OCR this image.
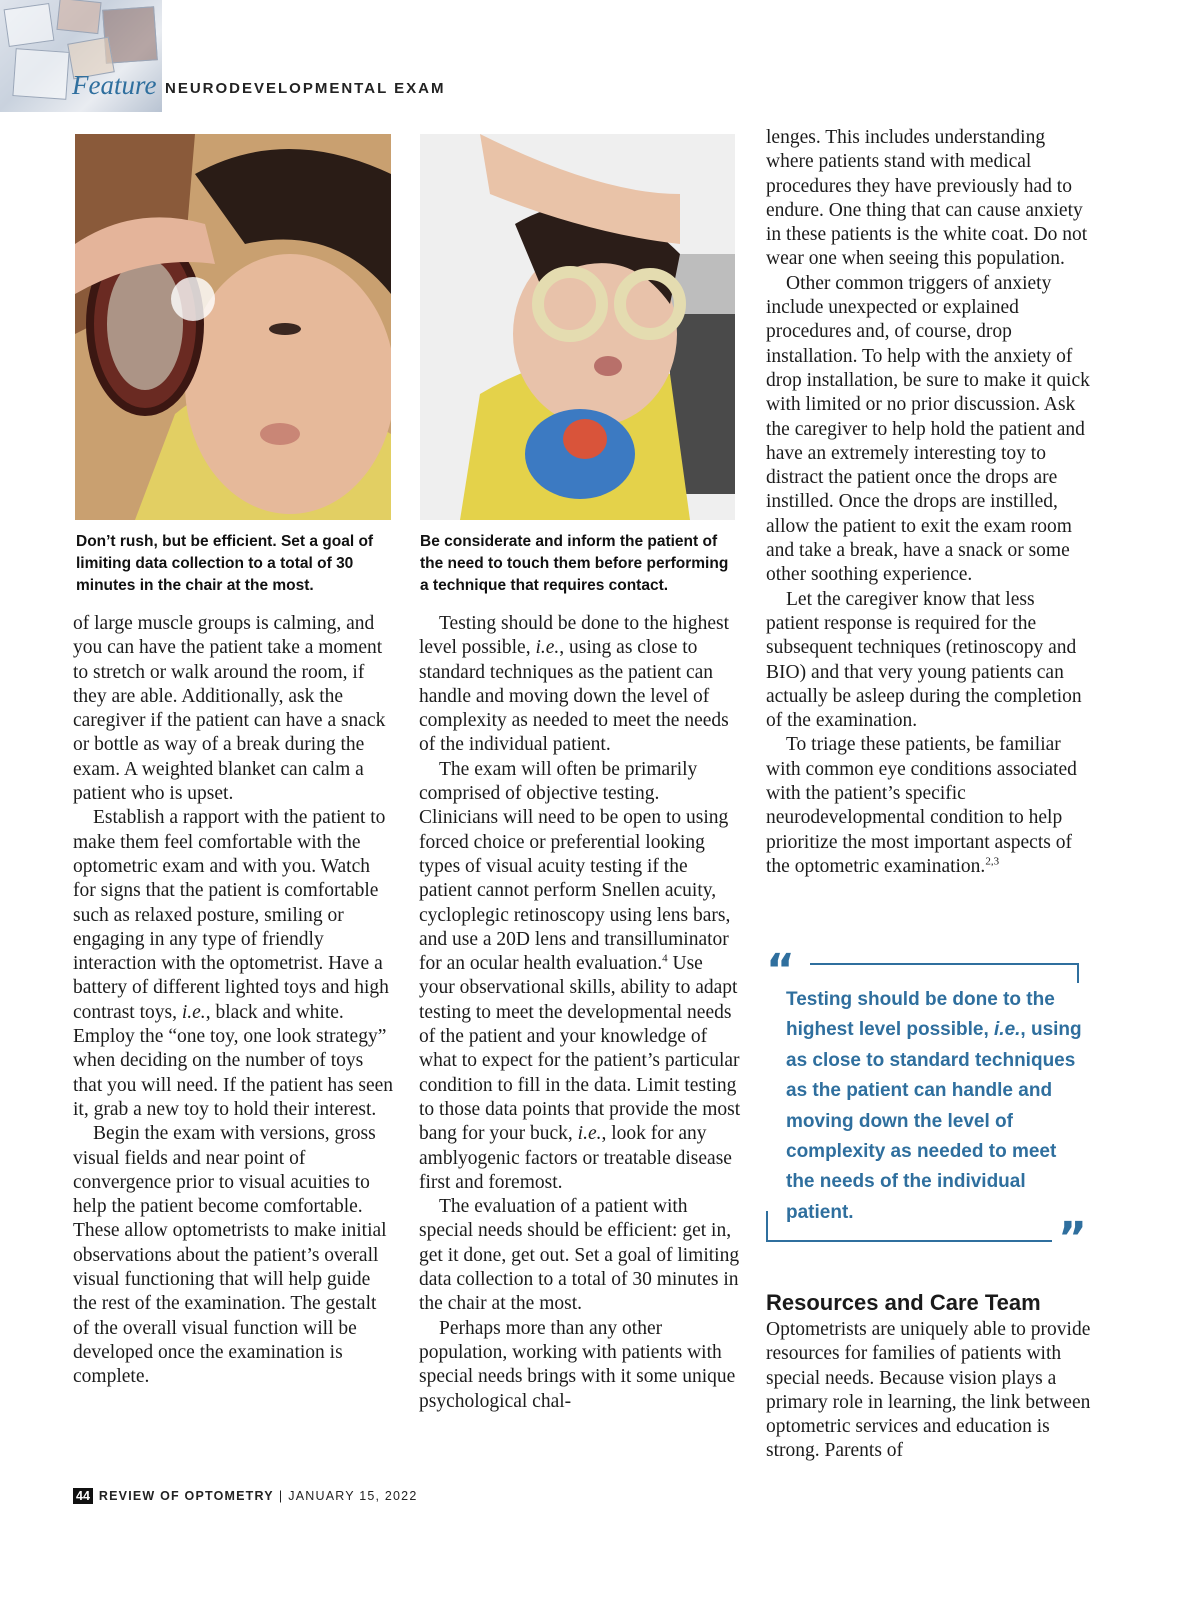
Feature NEURODEVELOPMENTAL EXAM
Don’t rush, but be efficient. Set a goal of limiting data collection to a total of 30 minutes in the chair at the most.
Be considerate and inform the patient of the need to touch them before performing a technique that requires contact.

of large muscle groups is calming, and you can have the patient take a moment to stretch or walk around the room, if they are able. Additionally, ask the caregiver if the patient can have a snack or bottle as way of a break during the exam. A weighted blanket can calm a patient who is upset.

Establish a rapport with the patient to make them feel comfortable with the optometric exam and with you. Watch for signs that the patient is comfortable such as relaxed posture, smiling or engaging in any type of friendly interaction with the optometrist. Have a battery of different lighted toys and high contrast toys, i.e., black and white. Employ the “one toy, one look strategy” when deciding on the number of toys that you will need. If the patient has seen it, grab a new toy to hold their interest.

Begin the exam with versions, gross visual fields and near point of convergence prior to visual acuities to help the patient become comfortable. These allow optometrists to make initial observations about the patient’s overall visual functioning that will help guide the rest of the examination. The gestalt of the overall visual function will be developed once the examination is complete.

Testing should be done to the highest level possible, i.e., using as close to standard techniques as the patient can handle and moving down the level of complexity as needed to meet the needs of the individual patient.

The exam will often be primarily comprised of objective testing. Clinicians will need to be open to using forced choice or preferential looking types of visual acuity testing if the patient cannot perform Snellen acuity, cycloplegic retinoscopy using lens bars, and use a 20D lens and transilluminator for an ocular health evaluation.$^4$ Use your observational skills, ability to adapt testing to meet the developmental needs of the patient and your knowledge of what to expect for the patient’s particular condition to fill in the data. Limit testing to those data points that provide the most bang for your buck, i.e., look for any amblyogenic factors or treatable disease first and foremost.

The evaluation of a patient with special needs should be efficient: get in, get it done, get out. Set a goal of limiting data collection to a total of 30 minutes in the chair at the most.

Perhaps more than any other population, working with patients with special needs brings with it some unique psychological chal-

lenges. This includes understanding where patients stand with medical procedures they have previously had to endure. One thing that can cause anxiety in these patients is the white coat. Do not wear one when seeing this population.

Other common triggers of anxiety include unexpected or explained procedures and, of course, drop installation. To help with the anxiety of drop installation, be sure to make it quick with limited or no prior discussion. Ask the caregiver to help hold the patient and have an extremely interesting toy to distract the patient once the drops are instilled. Once the drops are instilled, allow the patient to exit the exam room and take a break, have a snack or some other soothing experience.

Let the caregiver know that less patient response is required for the subsequent techniques (retinoscopy and BIO) and that very young patients can actually be asleep during the completion of the examination.

To triage these patients, be familiar with common eye conditions associated with the patient’s specific neurodevelopmental condition to help prioritize the most important aspects of the optometric examination.$^{2,3}$

“
Testing should be done to the highest level possible, i.e., using as close to standard techniques as the patient can handle and moving down the level of complexity as needed to meet the needs of the individual patient.
”
Resources and Care Team

Optometrists are uniquely able to provide resources for families of patients with special needs. Because vision plays a primary role in learning, the link between optometric services and education is strong. Parents of

44 REVIEW OF OPTOMETRY | JANUARY 15, 2022
